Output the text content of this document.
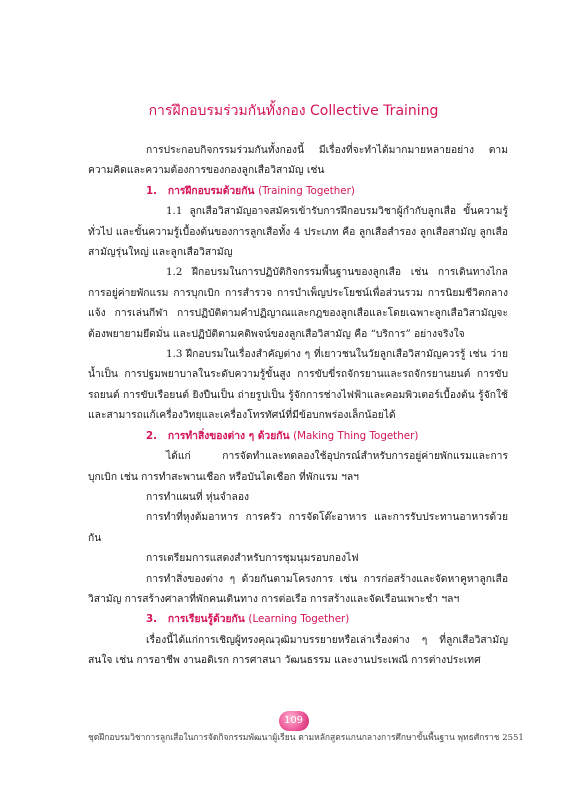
การฝึกอบรมร่วมกันทั้งกอง Collective Training

การประกอบกิจกรรมร่วมกันทั้งกองนี้ มีเรื่องที่จะทำได้มากมายหลายอย่าง ตามความคิดและความต้องการของกองลูกเสือวิสามัญ เช่น

1. การฝึกอบรมด้วยกัน (Training Together)

1.1 ลูกเสือวิสามัญอาจสมัครเข้ารับการฝึกอบรมวิชาผู้กำกับลูกเสือ ขั้นความรู้ทั่วไป และขั้นความรู้เบื้องต้นของการลูกเสือทั้ง 4 ประเภท คือ ลูกเสือสำรอง ลูกเสือสามัญ ลูกเสือสามัญรุ่นใหญ่ และลูกเสือวิสามัญ

1.2 ฝึกอบรมในการปฏิบัติกิจกรรมพื้นฐานของลูกเสือ เช่น การเดินทางไกล การอยู่ค่ายพักแรม การบุกเบิก การสำรวจ การบำเพ็ญประโยชน์เพื่อส่วนรวม การนิยมชีวิตกลางแจ้ง การเล่นกีฬา การปฏิบัติตามคำปฏิญาณและกฎของลูกเสือและโดยเฉพาะลูกเสือวิสามัญจะต้องพยายามยึดมั่น และปฏิบัติตามคติพจน์ของลูกเสือวิสามัญ คือ “บริการ” อย่างจริงใจ

1.3 ฝึกอบรมในเรื่องสำคัญต่าง ๆ ที่เยาวชนในวัยลูกเสือวิสามัญควรรู้ เช่น ว่ายน้ำเป็น การปฐมพยาบาลในระดับความรู้ขั้นสูง การขับขี่รถจักรยานและรถจักรยานยนต์ การขับรถยนต์ การขับเรือยนต์ ยิงปืนเป็น ถ่ายรูปเป็น รู้จักการช่างไฟฟ้าและคอมพิวเตอร์เบื้องต้น รู้จักใช้และสามารถแก้เครื่องวิทยุและเครื่องโทรทัศน์ที่มีข้อบกพร่องเล็กน้อยได้

2. การทำสิ่งของต่าง ๆ ด้วยกัน (Making Thing Together)

ได้แก่ การจัดทำและทดลองใช้อุปกรณ์สำหรับการอยู่ค่ายพักแรมและการบุกเบิก เช่น การทำสะพานเชือก หรือบันไดเชือก ที่พักแรม ฯลฯ

การทำแผนที่ หุ่นจำลอง

การทำที่หุงต้มอาหาร การครัว การจัดโต๊ะอาหาร และการรับประทานอาหารด้วยกัน

การเตรียมการแสดงสำหรับการชุมนุมรอบกองไฟ

การทำสิ่งของต่าง ๆ ด้วยกันตามโครงการ เช่น การก่อสร้างและจัดหาคูหาลูกเสือวิสามัญ การสร้างศาลาที่พักคนเดินทาง การต่อเรือ การสร้างและจัดเรือนเพาะชำ ฯลฯ

3. การเรียนรู้ด้วยกัน (Learning Together)

เรื่องนี้ได้แก่การเชิญผู้ทรงคุณวุฒิมาบรรยายหรือเล่าเรื่องต่าง ๆ ที่ลูกเสือวิสามัญสนใจ เช่น การอาชีพ งานอดิเรก การศาสนา วัฒนธรรม และงานประเพณี การต่างประเทศ

109
ชุดฝึกอบรมวิชาการลูกเสือในการจัดกิจกรรมพัฒนาผู้เรียน ตามหลักสูตรแกนกลางการศึกษาขั้นพื้นฐาน พุทธศักราช 2551
